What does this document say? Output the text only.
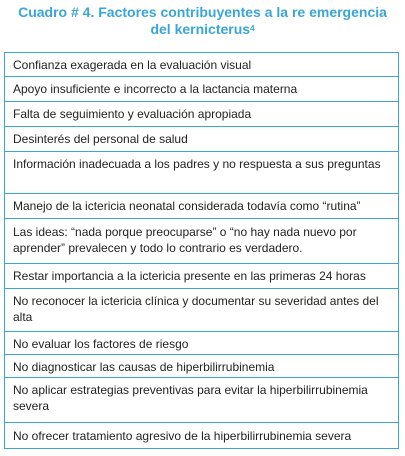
Cuadro # 4. Factores contribuyentes a la re emergencia
del kernicterus$^4$
Confianza exagerada en la evaluación visual
Apoyo insuficiente e incorrecto a la lactancia materna
Falta de seguimiento y evaluación apropiada
Desinterés del personal de salud
Información inadecuada a los padres y no respuesta a sus preguntas
Manejo de la ictericia neonatal considerada todavía como “rutina”
Las ideas: “nada porque preocuparse” o “no hay nada nuevo por aprender” prevalecen y todo lo contrario es verdadero.
Restar importancia a la ictericia presente en las primeras 24 horas
No reconocer la ictericia clínica y documentar su severidad antes del alta
No evaluar los factores de riesgo
No diagnosticar las causas de hiperbilirrubinemia
No aplicar estrategias preventivas para evitar la hiperbilirrubinemia severa
No ofrecer tratamiento agresivo de la hiperbilirrubinemia severa
